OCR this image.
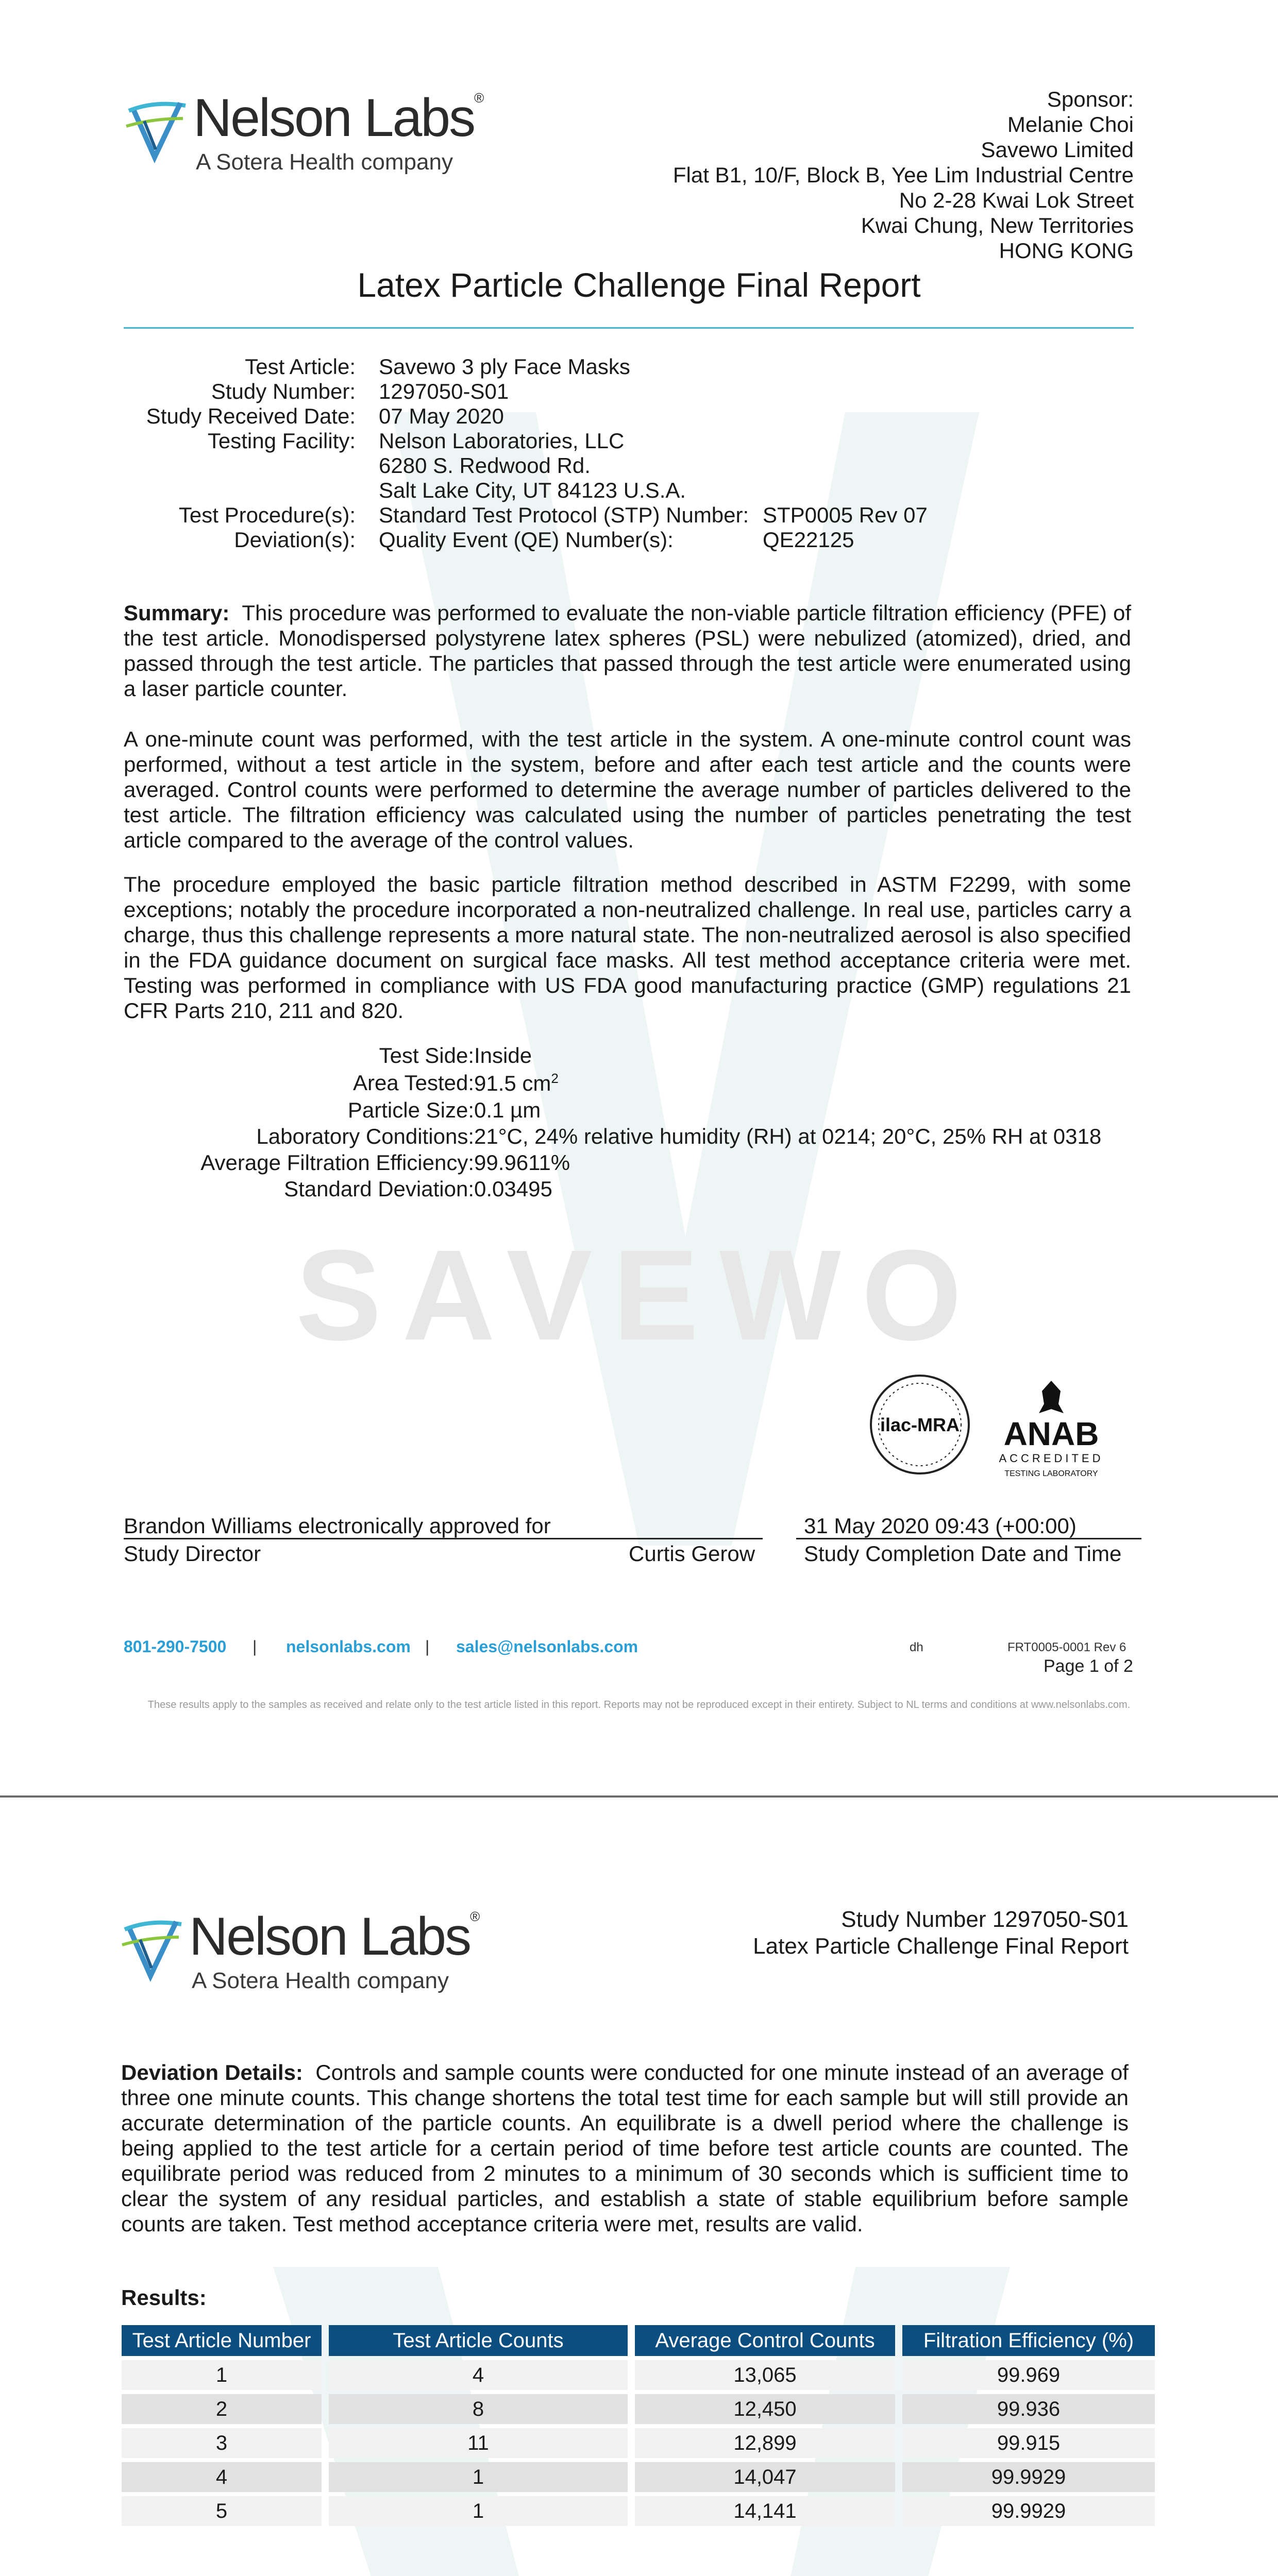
SAVEWO
Nelson Labs®
A Sotera Health company
Sponsor:
Melanie Choi
Savewo Limited
Flat B1, 10/F, Block B, Yee Lim Industrial Centre
No 2-28 Kwai Lok Street
Kwai Chung, New Territories
HONG KONG
Latex Particle Challenge Final Report
Test Article: Savewo 3 ply Face Masks
Study Number: 1297050-S01
Study Received Date: 07 May 2020
Testing Facility: Nelson Laboratories, LLC
6280 S. Redwood Rd.
Salt Lake City, UT 84123 U.S.A.
Test Procedure(s): Standard Test Protocol (STP) Number: STP0005 Rev 07
Deviation(s): Quality Event (QE) Number(s):	QE22125
Summary: This procedure was performed to evaluate the non-viable particle filtration efficiency (PFE) of the test article. Monodispersed polystyrene latex spheres (PSL) were nebulized (atomized), dried, and passed through the test article. The particles that passed through the test article were enumerated using a laser particle counter.
A one-minute count was performed, with the test article in the system. A one-minute control count was performed, without a test article in the system, before and after each test article and the counts were averaged. Control counts were performed to determine the average number of particles delivered to the test article. The filtration efficiency was calculated using the number of particles penetrating the test article compared to the average of the control values.
The procedure employed the basic particle filtration method described in ASTM F2299, with some exceptions; notably the procedure incorporated a non-neutralized challenge. In real use, particles carry a charge, thus this challenge represents a more natural state. The non-neutralized aerosol is also specified in the FDA guidance document on surgical face masks. All test method acceptance criteria were met. Testing was performed in compliance with US FDA good manufacturing practice (GMP) regulations 21 CFR Parts 210, 211 and 820.
Test Side: Inside
Area Tested: 91.5 $cm^2$
Particle Size: 0.1 µm
Laboratory Conditions: 21°C, 24% relative humidity (RH) at 0214; 20°C, 25% RH at 0318
Average Filtration Efficiency: 99.9611%
Standard Deviation: 0.03495
ilac-MRA ANAB
ACCREDITED
TESTING LABORATORY
Brandon Williams electronically approved for
Study Director	Curtis Gerow
31 May 2020 09:43 (+00:00)
Study Completion Date and Time
801-290-7500 | nelsonlabs.com | sales@nelsonlabs.com	dh	FRT0005-0001 Rev 6
Page 1 of 2
These results apply to the samples as received and relate only to the test article listed in this report. Reports may not be reproduced except in their entirety. Subject to NL terms and conditions at www.nelsonlabs.com.
Nelson Labs®
A Sotera Health company
Study Number 1297050-S01
Latex Particle Challenge Final Report
Deviation Details: Controls and sample counts were conducted for one minute instead of an average of three one minute counts. This change shortens the total test time for each sample but will still provide an accurate determination of the particle counts. An equilibrate is a dwell period where the challenge is being applied to the test article for a certain period of time before test article counts are counted. The equilibrate period was reduced from 2 minutes to a minimum of 30 seconds which is sufficient time to clear the system of any residual particles, and establish a state of stable equilibrium before sample counts are taken. Test method acceptance criteria were met, results are valid.
Results:
Test Article Number	Test Article Counts	Average Control Counts	Filtration Efficiency (%)
1	4	13,065	99.969
2	8	12,450	99.936
3	11	12,899	99.915
4	1	14,047	99.9929
5	1	14,141	99.9929
